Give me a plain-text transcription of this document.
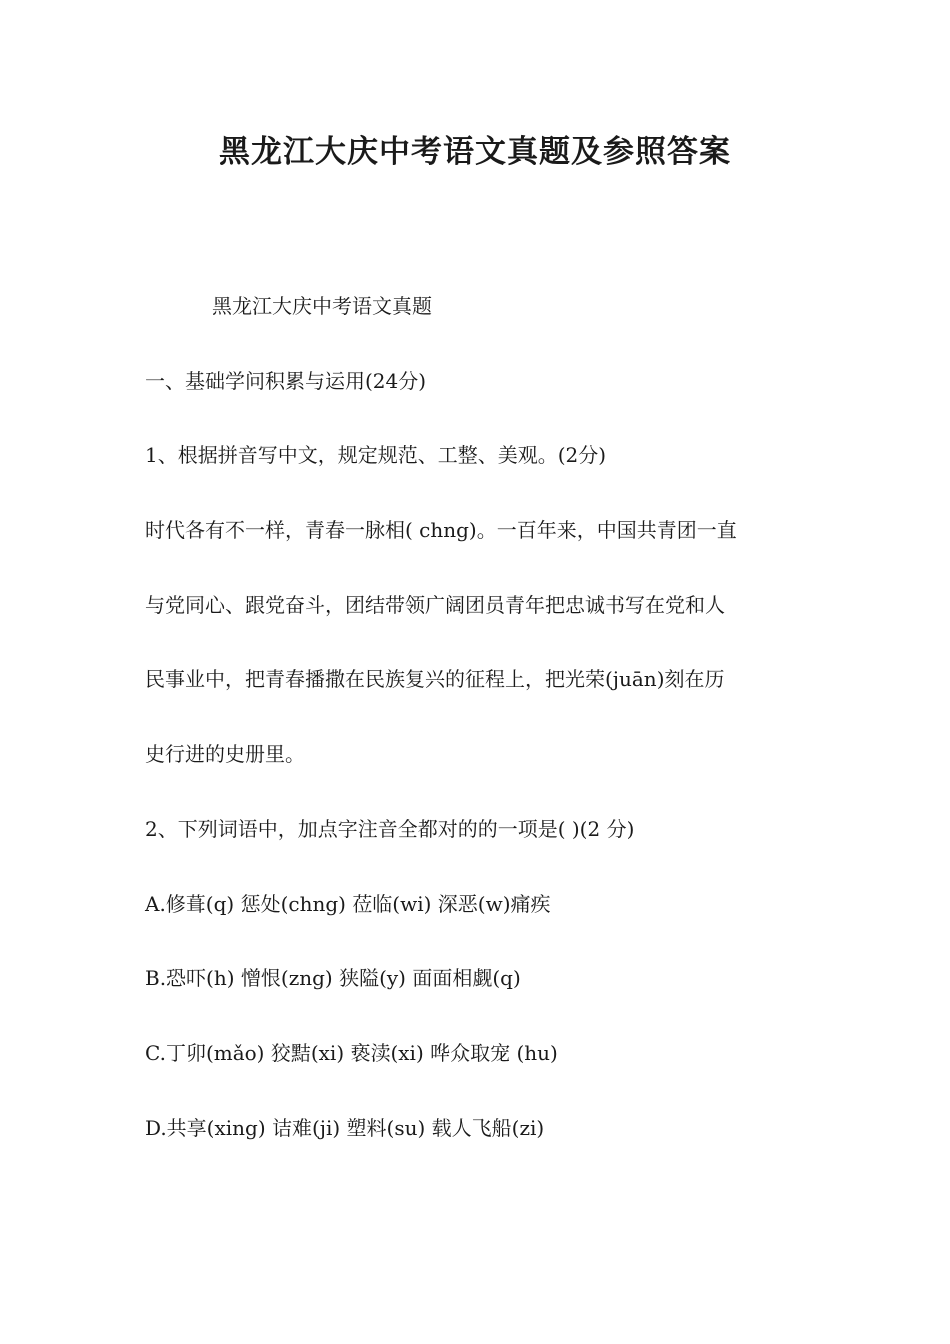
黑龙江大庆中考语文真题及参照答案
黑龙江大庆中考语文真题
一、基础学问积累与运用(24分)
1、根据拼音写中文，规定规范、工整、美观。(2分)
时代各有不一样，青春一脉相( chng)。一百年来，中国共青团一直
与党同心、跟党奋斗，团结带领广阔团员青年把忠诚书写在党和人
民事业中，把青春播撒在民族复兴的征程上，把光荣(juān)刻在历
史行进的史册里。
2、下列词语中，加点字注音全都对的的一项是( )(2 分)
A.修葺(q) 惩处(chng) 莅临(wi) 深恶(w)痛疾
B.恐吓(h) 憎恨(zng) 狭隘(y) 面面相觑(q)
C.丁卯(mǎo) 狡黠(xi) 亵渎(xi) 哗众取宠 (hu)
D.共享(xing) 诘难(ji) 塑料(su) 载人飞船(zi)
